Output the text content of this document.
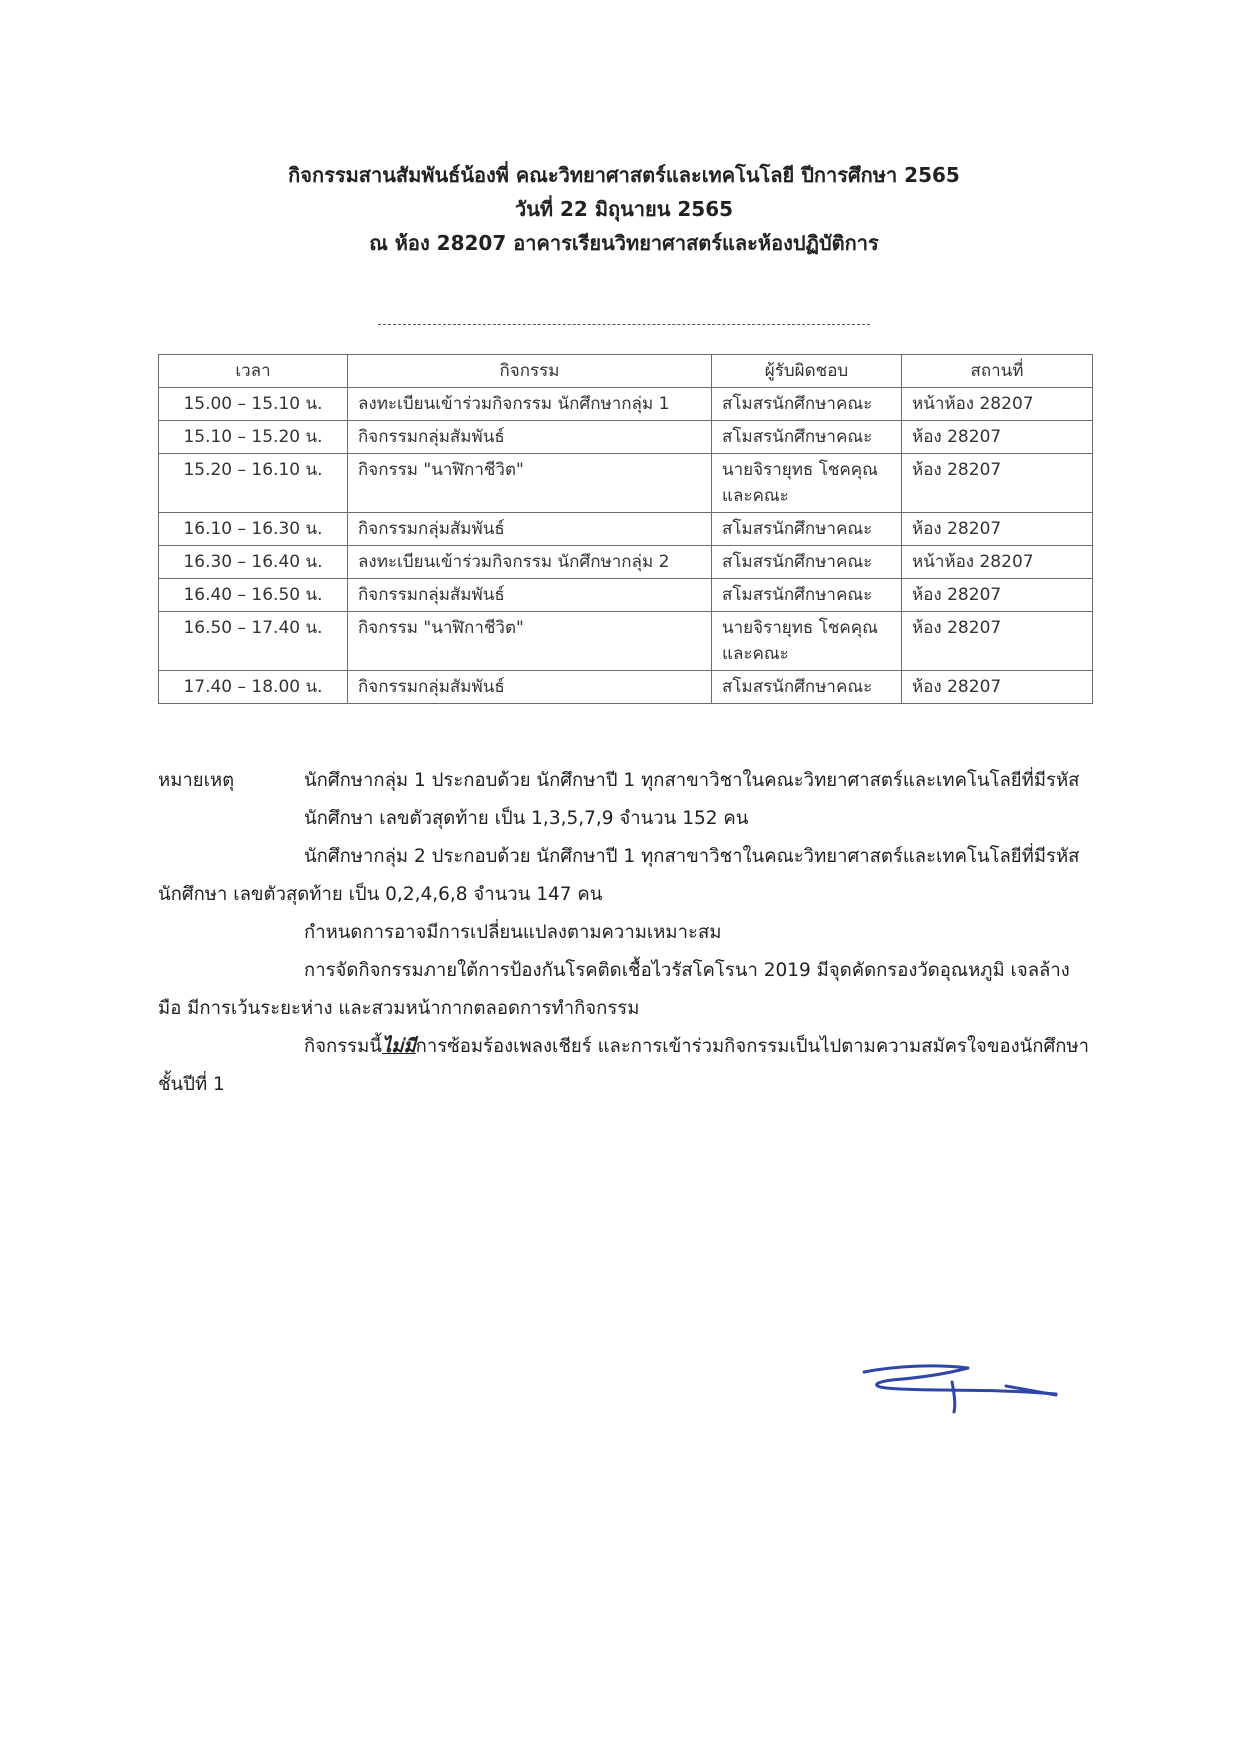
กิจกรรมสานสัมพันธ์น้องพี่ คณะวิทยาศาสตร์และเทคโนโลยี ปีการศึกษา 2565
วันที่ 22 มิถุนายน 2565
ณ ห้อง 28207 อาคารเรียนวิทยาศาสตร์และห้องปฏิบัติการ
เวลา	กิจกรรม	ผู้รับผิดชอบ	สถานที่
15.00 – 15.10 น.	ลงทะเบียนเข้าร่วมกิจกรรม นักศึกษากลุ่ม 1	สโมสรนักศึกษาคณะ	หน้าห้อง 28207
15.10 – 15.20 น.	กิจกรรมกลุ่มสัมพันธ์	สโมสรนักศึกษาคณะ	ห้อง 28207
15.20 – 16.10 น.	กิจกรรม "นาฬิกาชีวิต"	นายจิรายุทธ โชคคุณ และคณะ	ห้อง 28207
16.10 – 16.30 น.	กิจกรรมกลุ่มสัมพันธ์	สโมสรนักศึกษาคณะ	ห้อง 28207
16.30 – 16.40 น.	ลงทะเบียนเข้าร่วมกิจกรรม นักศึกษากลุ่ม 2	สโมสรนักศึกษาคณะ	หน้าห้อง 28207
16.40 – 16.50 น.	กิจกรรมกลุ่มสัมพันธ์	สโมสรนักศึกษาคณะ	ห้อง 28207
16.50 – 17.40 น.	กิจกรรม "นาฬิกาชีวิต"	นายจิรายุทธ โชคคุณ และคณะ	ห้อง 28207
17.40 – 18.00 น.	กิจกรรมกลุ่มสัมพันธ์	สโมสรนักศึกษาคณะ	ห้อง 28207

หมายเหตุ	นักศึกษากลุ่ม 1 ประกอบด้วย นักศึกษาปี 1 ทุกสาขาวิชาในคณะวิทยาศาสตร์และเทคโนโลยีที่มีรหัสนักศึกษา เลขตัวสุดท้าย เป็น 1,3,5,7,9 จำนวน 152 คน

นักศึกษากลุ่ม 2 ประกอบด้วย นักศึกษาปี 1 ทุกสาขาวิชาในคณะวิทยาศาสตร์และเทคโนโลยีที่มีรหัสนักศึกษา เลขตัวสุดท้าย เป็น 0,2,4,6,8 จำนวน 147 คน

กำหนดการอาจมีการเปลี่ยนแปลงตามความเหมาะสม

การจัดกิจกรรมภายใต้การป้องกันโรคติดเชื้อไวรัสโคโรนา 2019 มีจุดคัดกรองวัดอุณหภูมิ เจลล้างมือ มีการเว้นระยะห่าง และสวมหน้ากากตลอดการทำกิจกรรม

กิจกรรมนี้ไม่มีการซ้อมร้องเพลงเชียร์ และการเข้าร่วมกิจกรรมเป็นไปตามความสมัครใจของนักศึกษา ชั้นปีที่ 1
